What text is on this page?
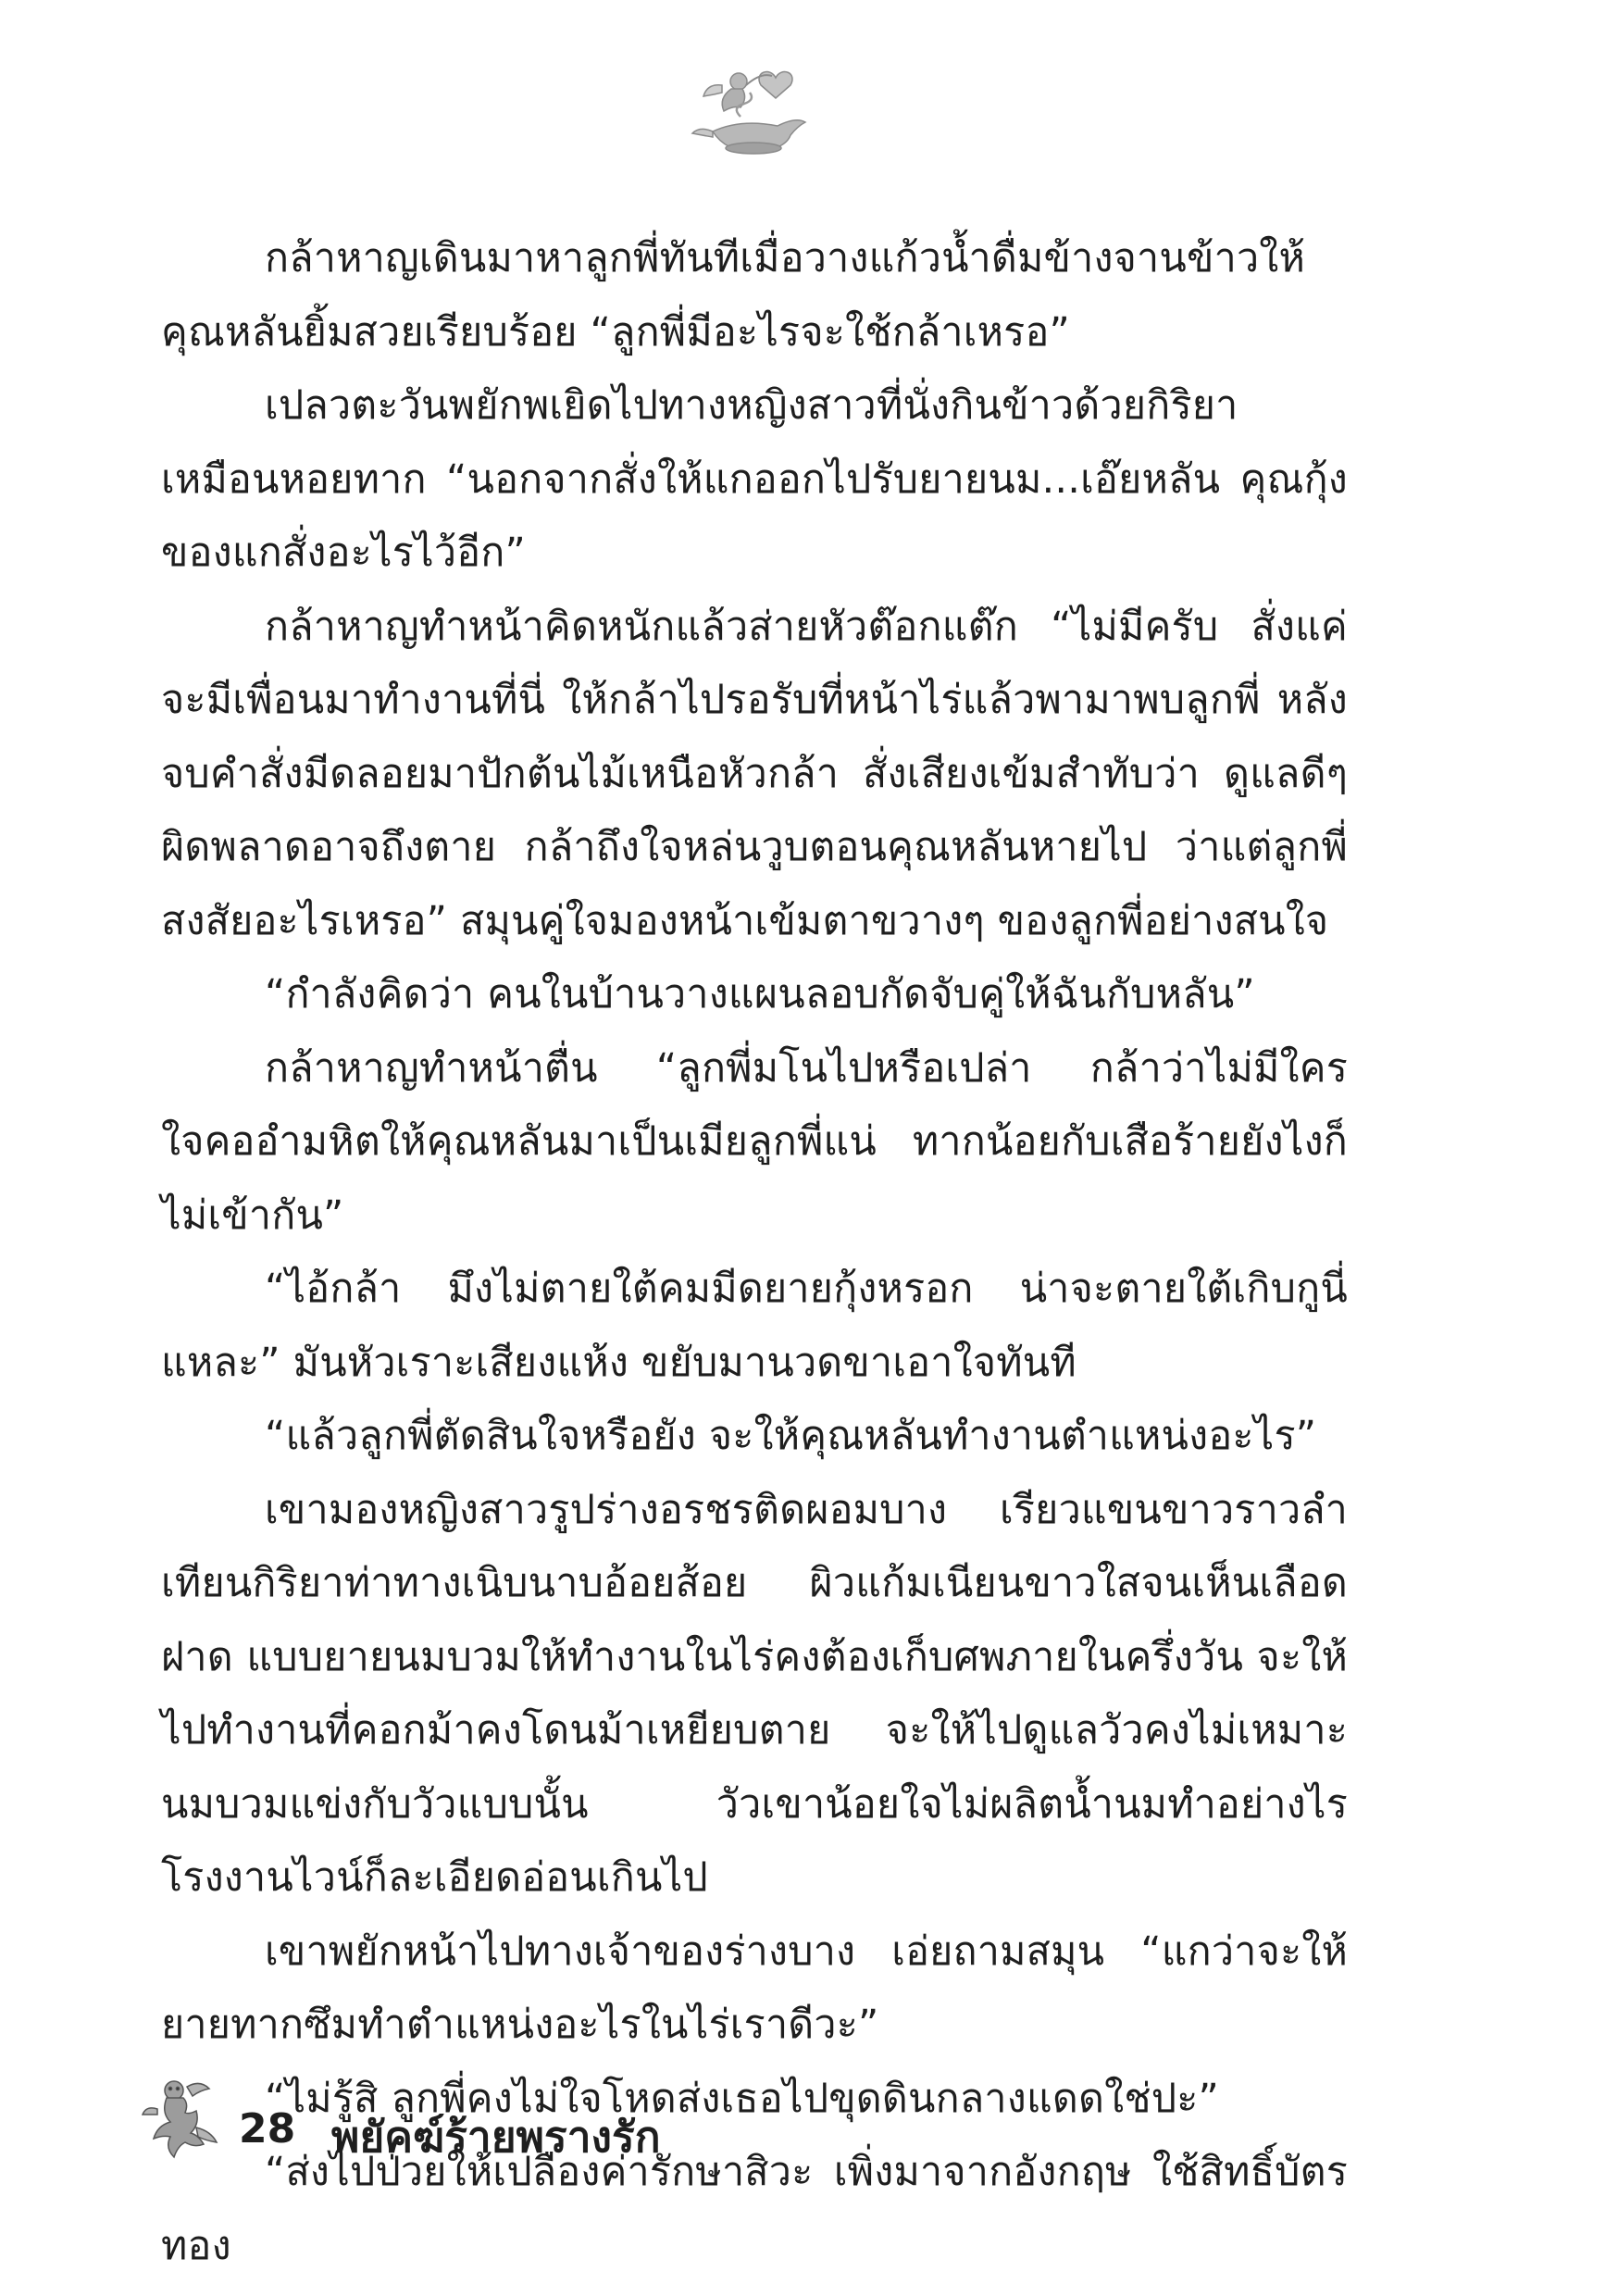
กล้าหาญเดินมาหาลูกพี่ทันทีเมื่อวางแก้วน้ำดื่มข้างจานข้าวให้คุณหลันยิ้มสวยเรียบร้อย “ลูกพี่มีอะไรจะใช้กล้าเหรอ”

เปลวตะวันพยักพเยิดไปทางหญิงสาวที่นั่งกินข้าวด้วยกิริยาเหมือนหอยทาก “นอกจากสั่งให้แกออกไปรับยายนม...เอ๊ยหลัน คุณกุ้งของแกสั่งอะไรไว้อีก”

กล้าหาญทำหน้าคิดหนักแล้วส่ายหัวต๊อกแต๊ก “ไม่มีครับ สั่งแค่จะมีเพื่อนมาทำงานที่นี่ ให้กล้าไปรอรับที่หน้าไร่แล้วพามาพบลูกพี่ หลังจบคำสั่งมีดลอยมาปักต้นไม้เหนือหัวกล้า สั่งเสียงเข้มสำทับว่า ดูแลดีๆ ผิดพลาดอาจถึงตาย กล้าถึงใจหล่นวูบตอนคุณหลันหายไป ว่าแต่ลูกพี่สงสัยอะไรเหรอ” สมุนคู่ใจมองหน้าเข้มตาขวางๆ ของลูกพี่อย่างสนใจ

“กำลังคิดว่า คนในบ้านวางแผนลอบกัดจับคู่ให้ฉันกับหลัน”

กล้าหาญทำหน้าตื่น “ลูกพี่มโนไปหรือเปล่า กล้าว่าไม่มีใครใจคออำมหิตให้คุณหลันมาเป็นเมียลูกพี่แน่ ทากน้อยกับเสือร้ายยังไงก็ไม่เข้ากัน”

“ไอ้กล้า มึงไม่ตายใต้คมมีดยายกุ้งหรอก น่าจะตายใต้เกิบกูนี่แหละ” มันหัวเราะเสียงแห้ง ขยับมานวดขาเอาใจทันที

“แล้วลูกพี่ตัดสินใจหรือยัง จะให้คุณหลันทำงานตำแหน่งอะไร”

เขามองหญิงสาวรูปร่างอรชรติดผอมบาง เรียวแขนขาวราวลำเทียนกิริยาท่าทางเนิบนาบอ้อยส้อย ผิวแก้มเนียนขาวใสจนเห็นเลือดฝาด แบบยายนมบวมให้ทำงานในไร่คงต้องเก็บศพภายในครึ่งวัน จะให้ไปทำงานที่คอกม้าคงโดนม้าเหยียบตาย จะให้ไปดูแลวัวคงไม่เหมาะ นมบวมแข่งกับวัวแบบนั้น วัวเขาน้อยใจไม่ผลิตน้ำนมทำอย่างไร โรงงานไวน์ก็ละเอียดอ่อนเกินไป

เขาพยักหน้าไปทางเจ้าของร่างบาง เอ่ยถามสมุน “แกว่าจะให้ยายทากซึมทำตำแหน่งอะไรในไร่เราดีวะ”

“ไม่รู้สิ ลูกพี่คงไม่ใจโหดส่งเธอไปขุดดินกลางแดดใช่ปะ”

“ส่งไปป่วยให้เปลืองค่ารักษาสิวะ เพิ่งมาจากอังกฤษ ใช้สิทธิ์บัตรทอง

28 พยัคฆ์ร้ายพรางรัก
